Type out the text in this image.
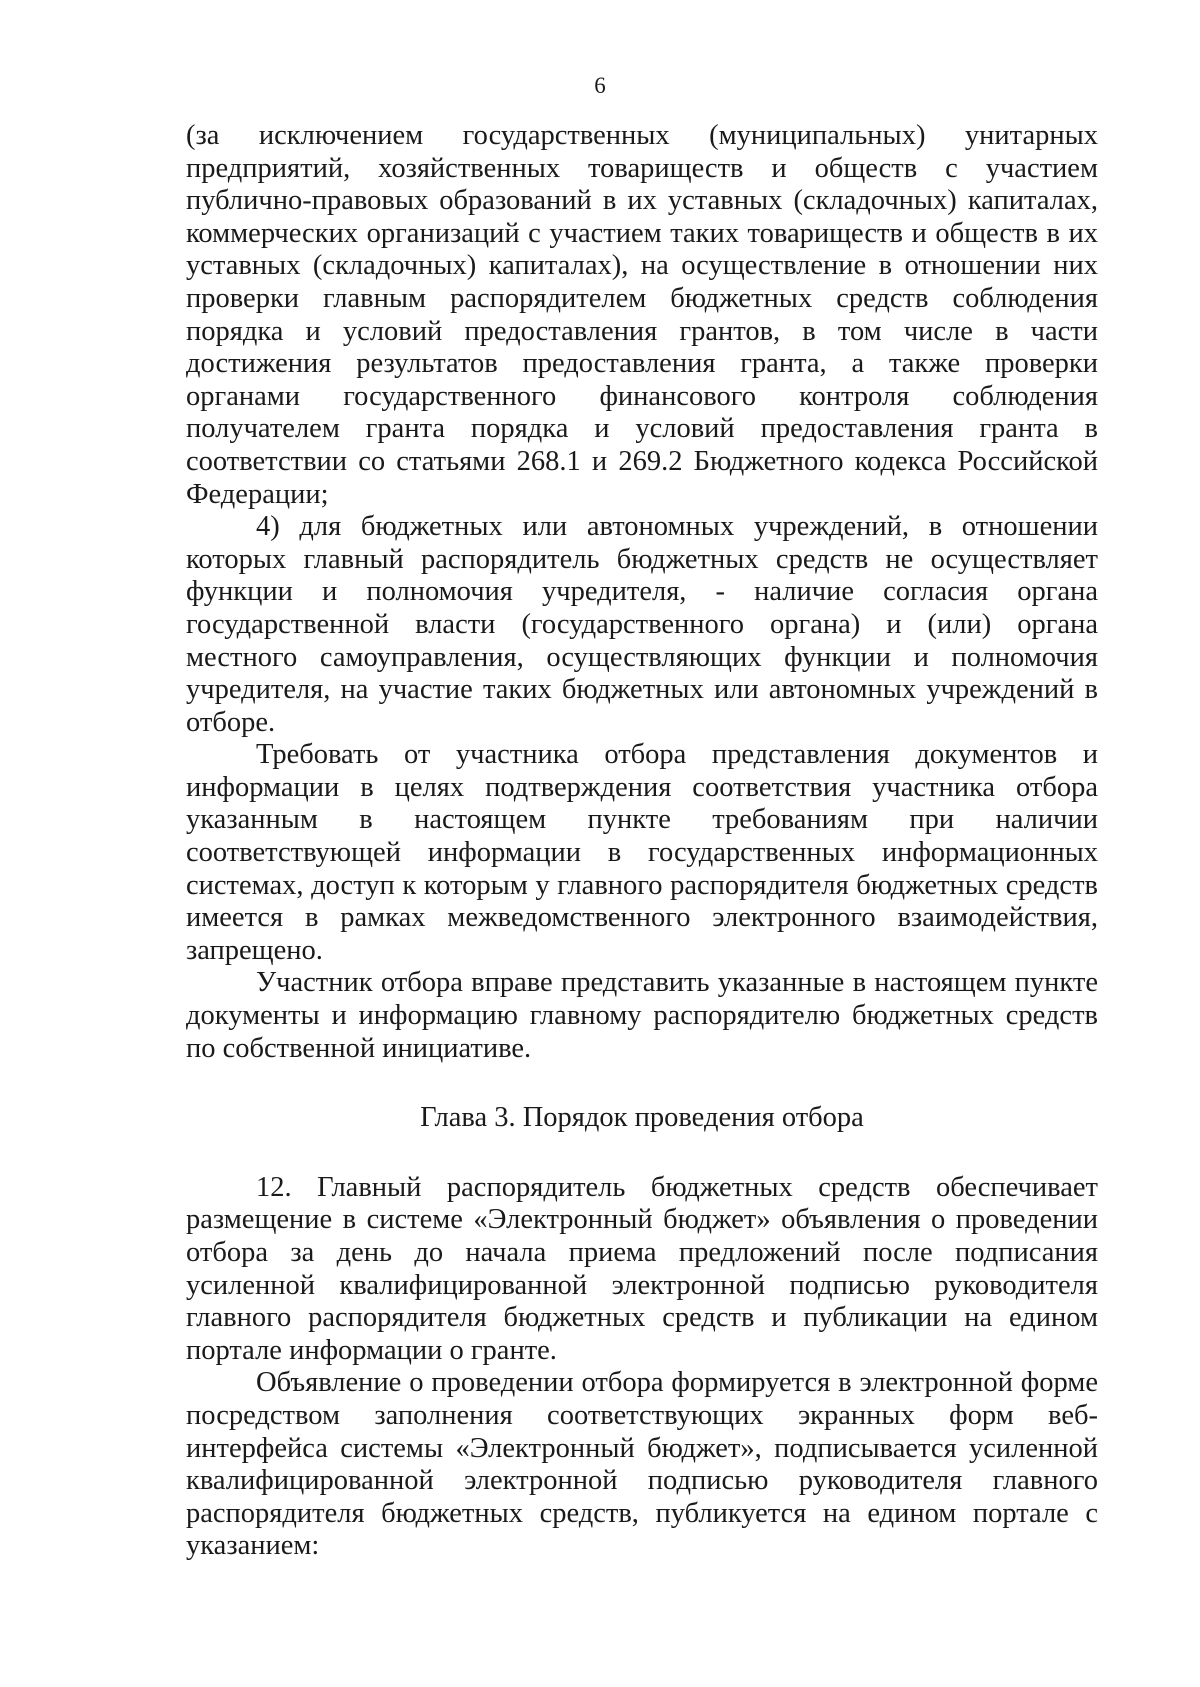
6

(за исключением государственных (муниципальных) унитарных предприятий, хозяйственных товариществ и обществ с участием публично-правовых образований в их уставных (складочных) капиталах, коммерческих организаций с участием таких товариществ и обществ в их уставных (складочных) капиталах), на осуществление в отношении них проверки главным распорядителем бюджетных средств соблюдения порядка и условий предоставления грантов, в том числе в части достижения результатов предоставления гранта, а также проверки органами государственного финансового контроля соблюдения получателем гранта порядка и условий предоставления гранта в соответствии со статьями 268.1 и 269.2 Бюджетного кодекса Российской Федерации;

4) для бюджетных или автономных учреждений, в отношении которых главный распорядитель бюджетных средств не осуществляет функции и полномочия учредителя, - наличие согласия органа государственной власти (государственного органа) и (или) органа местного самоуправления, осуществляющих функции и полномочия учредителя, на участие таких бюджетных или автономных учреждений в отборе.

Требовать от участника отбора представления документов и информации в целях подтверждения соответствия участника отбора указанным в настоящем пункте требованиям при наличии соответствующей информации в государственных информационных системах, доступ к которым у главного распорядителя бюджетных средств имеется в рамках межведомственного электронного взаимодействия, запрещено.

Участник отбора вправе представить указанные в настоящем пункте документы и информацию главному распорядителю бюджетных средств по собственной инициативе.

Глава 3. Порядок проведения отбора

12. Главный распорядитель бюджетных средств обеспечивает размещение в системе «Электронный бюджет» объявления о проведении отбора за день до начала приема предложений после подписания усиленной квалифицированной электронной подписью руководителя главного распорядителя бюджетных средств и публикации на едином портале информации о гранте.

Объявление о проведении отбора формируется в электронной форме посредством заполнения соответствующих экранных форм веб-интерфейса системы «Электронный бюджет», подписывается усиленной квалифицированной электронной подписью руководителя главного распорядителя бюджетных средств, публикуется на едином портале с указанием:
